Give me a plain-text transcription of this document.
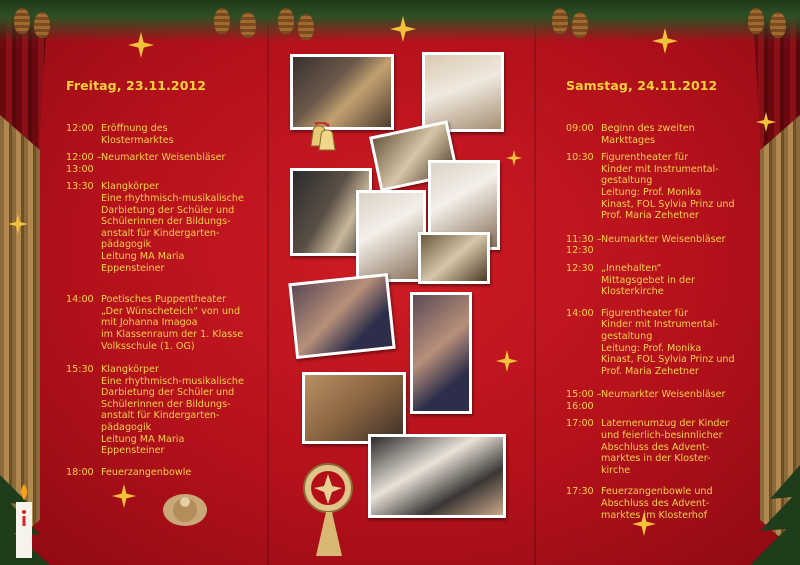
Freitag, 23.11.2012
12:00 Eröffnung des
Klostermarktes
12:00 –
13:00
Neumarkter Weisenbläser
13:30 Klangkörper
Eine rhythmisch-musikalische
Darbietung der Schüler und
Schülerinnen der Bildungs-
anstalt für Kindergarten-
pädagogik
Leitung MA Maria
Eppensteiner
14:00 Poetisches Puppentheater
„Der Wünscheteich“ von und
mit Johanna Imagoa
im Klassenraum der 1. Klasse
Volksschule (1. OG)
15:30 Klangkörper
Eine rhythmisch-musikalische
Darbietung der Schüler und
Schülerinnen der Bildungs-
anstalt für Kindergarten-
pädagogik
Leitung MA Maria
Eppensteiner
18:00 Feuerzangenbowle
Samstag, 24.11.2012
09:00 Beginn des zweiten
Markttages
10:30 Figurentheater für
Kinder mit Instrumental-
gestaltung
Leitung: Prof. Monika
Kinast, FOL Sylvia Prinz und
Prof. Maria Zehetner
11:30 –
12:30
Neumarkter Weisenbläser
12:30 „Innehalten“
Mittagsgebet in der
Klosterkirche
14:00 Figurentheater für
Kinder mit Instrumental-
gestaltung
Leitung: Prof. Monika
Kinast, FOL Sylvia Prinz und
Prof. Maria Zehetner
15:00 –
16:00
Neumarkter Weisenbläser
17:00 Laternenumzug der Kinder
und feierlich-besinnlicher
Abschluss des Advent-
marktes in der Kloster-
kirche
17:30 Feuerzangenbowle und
Abschluss des Advent-
marktes im Klosterhof
